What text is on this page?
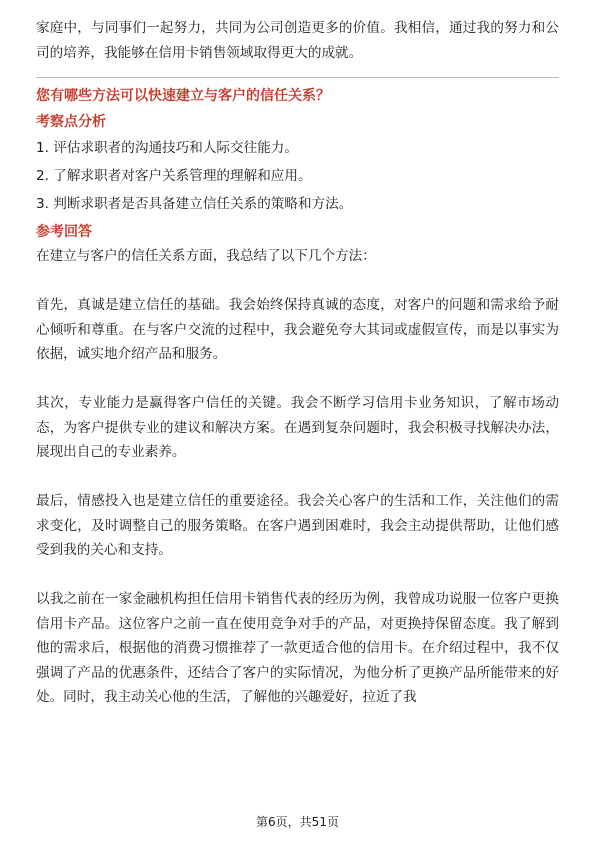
家庭中，与同事们一起努力，共同为公司创造更多的价值。我相信，通过我的努力和公司的培养，我能够在信用卡销售领域取得更大的成就。

您有哪些方法可以快速建立与客户的信任关系？

考察点分析

1. 评估求职者的沟通技巧和人际交往能力。

2. 了解求职者对客户关系管理的理解和应用。

3. 判断求职者是否具备建立信任关系的策略和方法。

参考回答

在建立与客户的信任关系方面，我总结了以下几个方法：

首先，真诚是建立信任的基础。我会始终保持真诚的态度，对客户的问题和需求给予耐心倾听和尊重。在与客户交流的过程中，我会避免夸大其词或虚假宣传，而是以事实为依据，诚实地介绍产品和服务。

其次，专业能力是赢得客户信任的关键。我会不断学习信用卡业务知识，了解市场动态，为客户提供专业的建议和解决方案。在遇到复杂问题时，我会积极寻找解决办法，展现出自己的专业素养。

最后，情感投入也是建立信任的重要途径。我会关心客户的生活和工作，关注他们的需求变化，及时调整自己的服务策略。在客户遇到困难时，我会主动提供帮助，让他们感受到我的关心和支持。

以我之前在一家金融机构担任信用卡销售代表的经历为例，我曾成功说服一位客户更换信用卡产品。这位客户之前一直在使用竞争对手的产品，对更换持保留态度。我了解到他的需求后，根据他的消费习惯推荐了一款更适合他的信用卡。在介绍过程中，我不仅强调了产品的优惠条件，还结合了客户的实际情况，为他分析了更换产品所能带来的好处。同时，我主动关心他的生活，了解他的兴趣爱好，拉近了我

第6页，共51页
